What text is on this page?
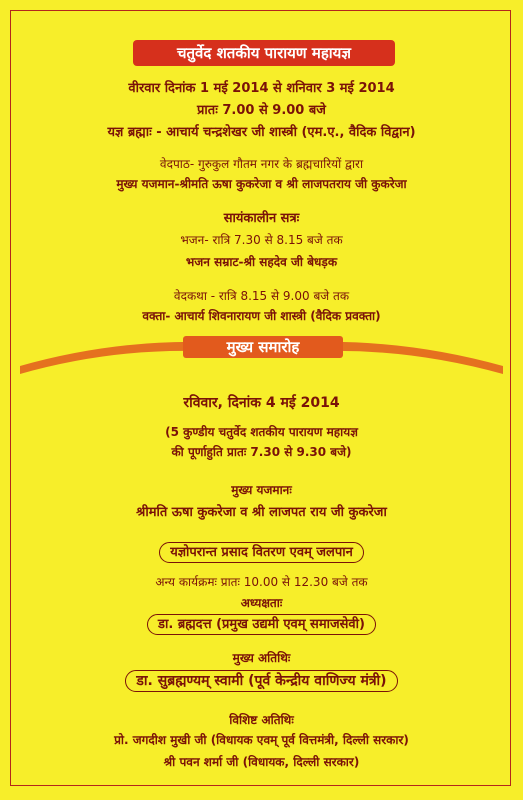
चतुर्वेद शतकीय पारायण महायज्ञ
वीरवार दिनांक 1 मई 2014 से शनिवार 3 मई 2014
प्रातः 7.00 से 9.00 बजे
यज्ञ ब्रह्माः - आचार्य चन्द्रशेखर जी शास्त्री (एम.ए., वैदिक विद्वान)
वेदपाठ- गुरुकुल गौतम नगर के ब्रह्मचारियों द्वारा
मुख्य यजमान-श्रीमति ऊषा कुकरेजा व श्री लाजपतराय जी कुकरेजा
सायंकालीन सत्रः
भजन- रात्रि 7.30 से 8.15 बजे तक
भजन सम्राट-श्री सहदेव जी बेधड़क
वेदकथा - रात्रि 8.15 से 9.00 बजे तक
वक्ता- आचार्य शिवनारायण जी शास्त्री (वैदिक प्रवक्ता)
मुख्य समारोह
रविवार, दिनांक 4 मई 2014
(5 कुण्डीय चतुर्वेद शतकीय पारायण महायज्ञ
की पूर्णाहुति प्रातः 7.30 से 9.30 बजे)
मुख्य यजमानः
श्रीमति ऊषा कुकरेजा व श्री लाजपत राय जी कुकरेजा
यज्ञोपरान्त प्रसाद वितरण एवम् जलपान
अन्य कार्यक्रमः प्रातः 10.00 से 12.30 बजे तक
अध्यक्षताः
डा. ब्रह्मदत्त (प्रमुख उद्यमी एवम् समाजसेवी)
मुख्य अतिथिः
डा. सुब्रह्मण्यम् स्वामी (पूर्व केन्द्रीय वाणिज्य मंत्री)
विशिष्ट अतिथिः
प्रो. जगदीश मुखी जी (विधायक एवम् पूर्व वित्तमंत्री, दिल्ली सरकार)
श्री पवन शर्मा जी (विधायक, दिल्ली सरकार)
